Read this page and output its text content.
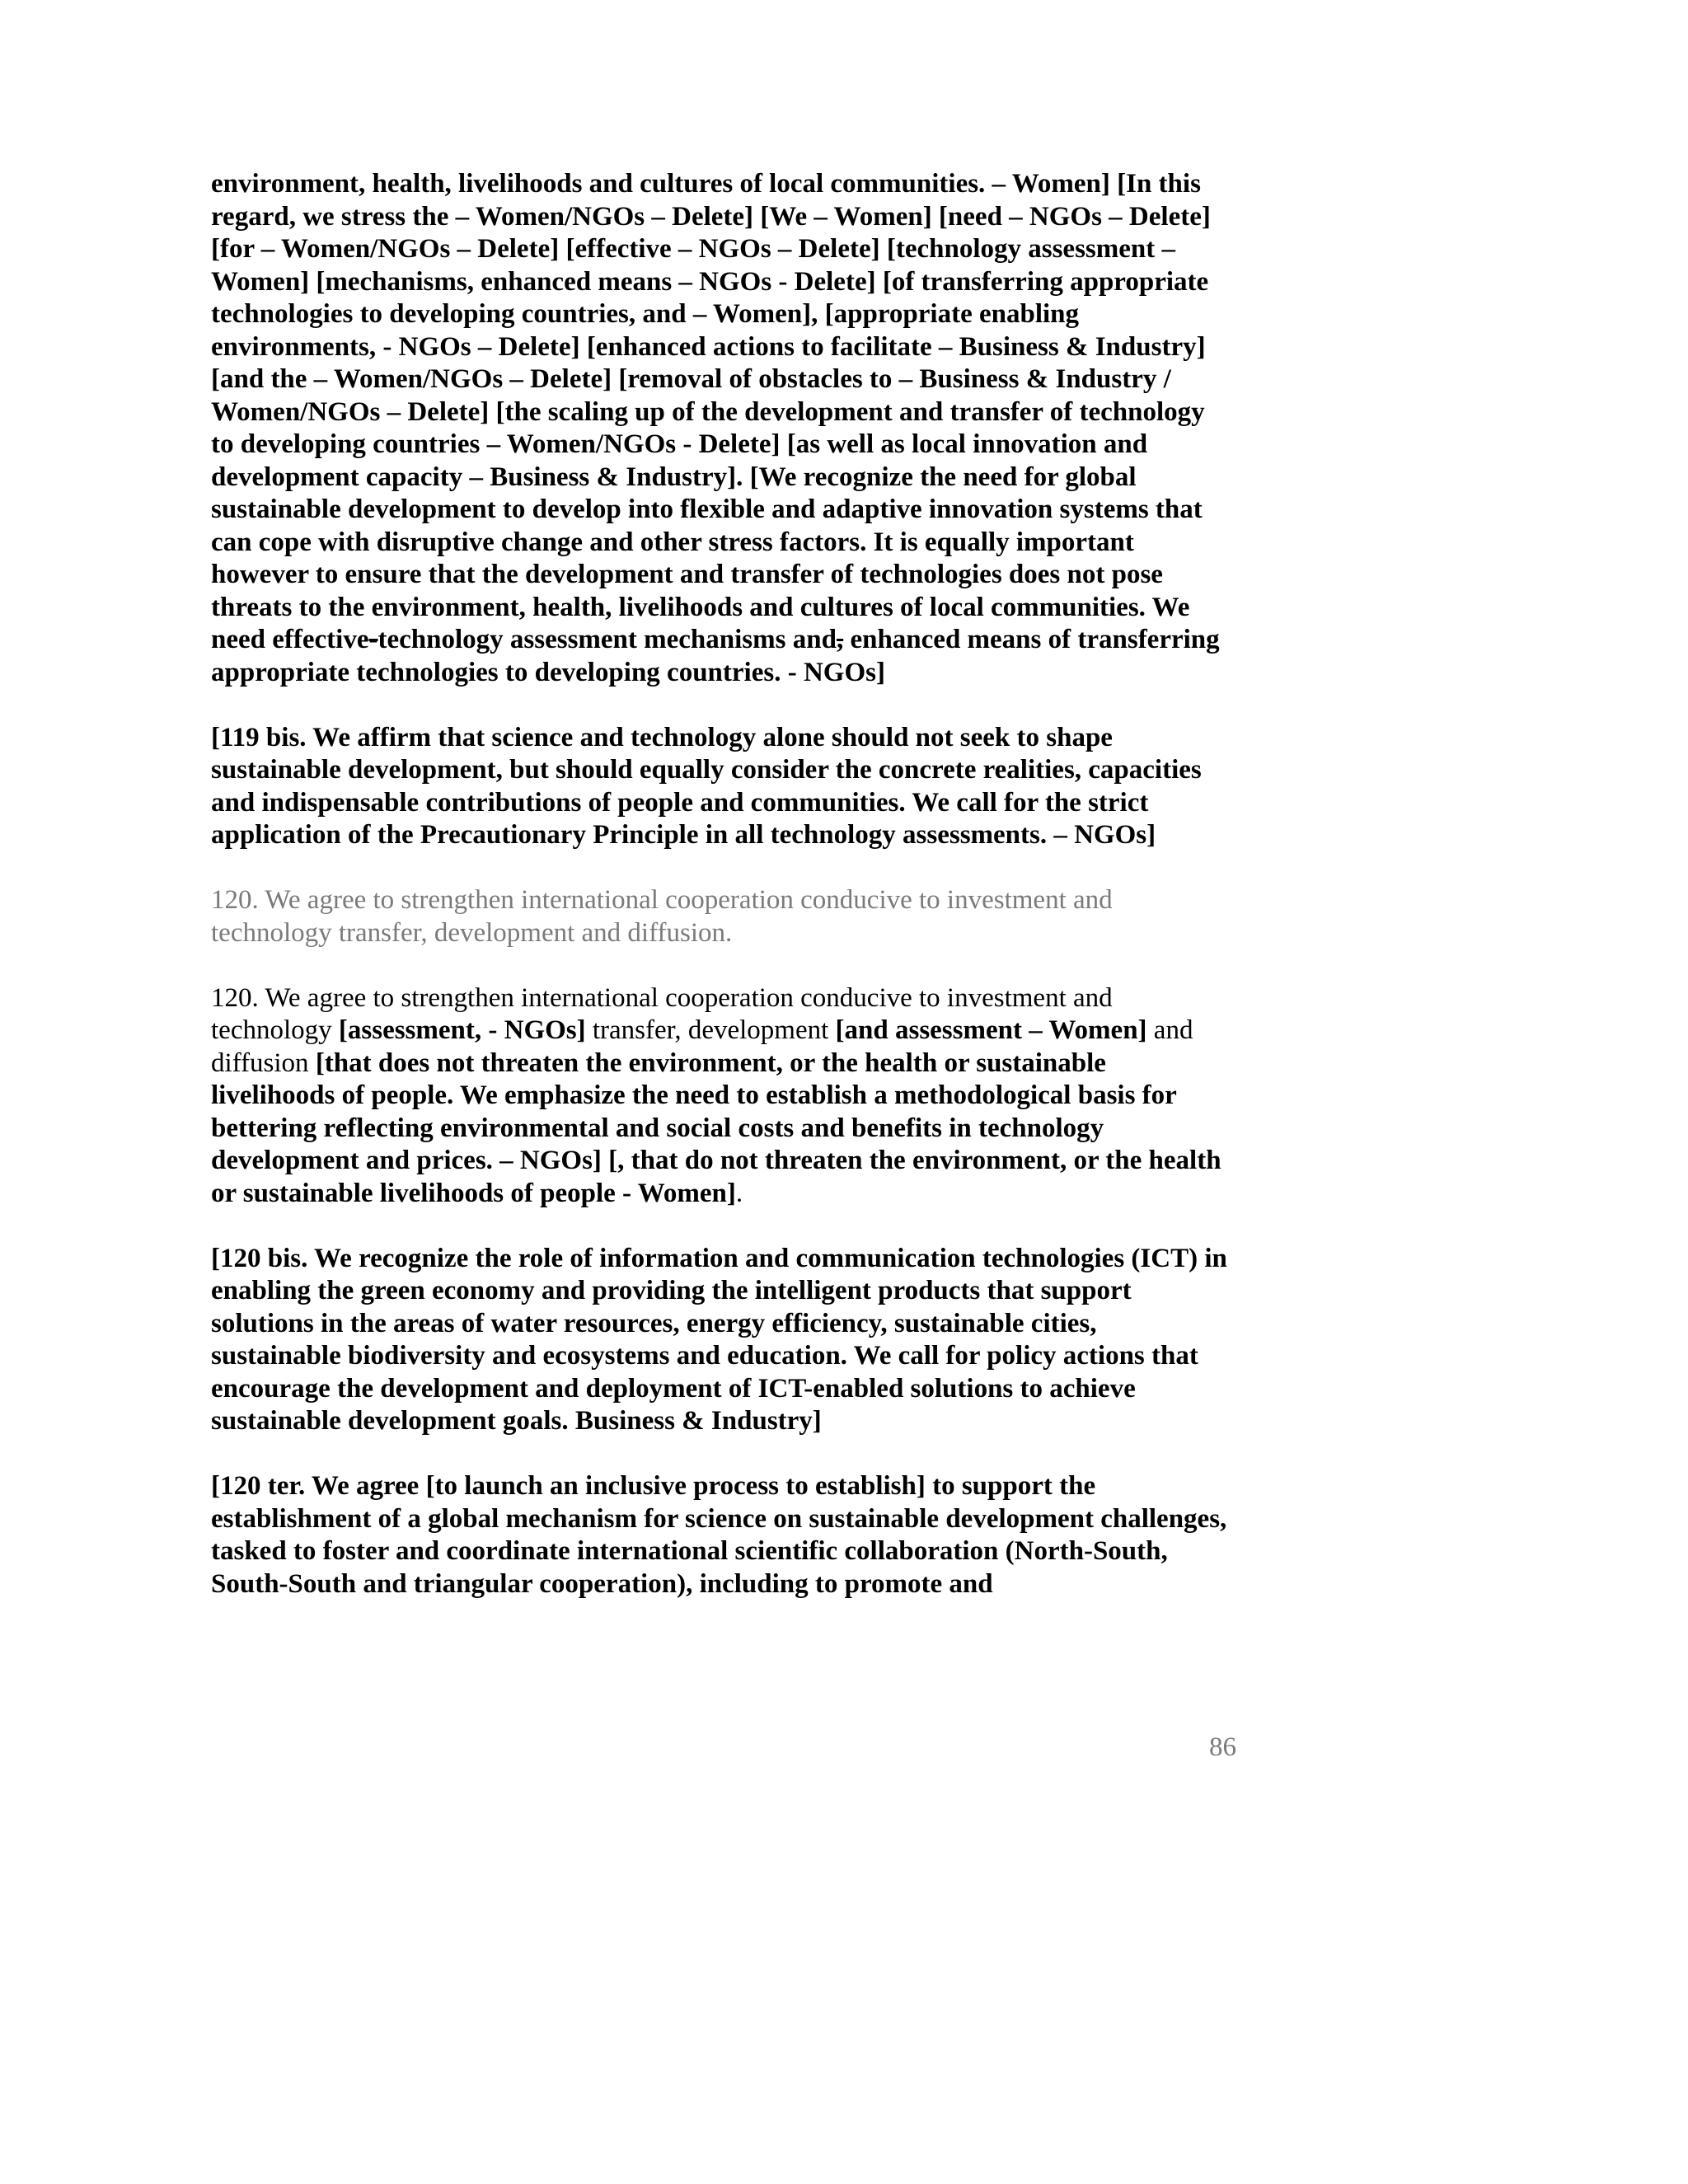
environment, health, livelihoods and cultures of local communities. – Women] [In this regard, we stress the – Women/NGOs – Delete] [We – Women] [need – NGOs – Delete] [for – Women/NGOs – Delete] [effective – NGOs – Delete] [technology assessment –Women] [mechanisms, enhanced means – NGOs - Delete] [of transferring appropriate technologies to developing countries, and – Women], [appropriate enabling environments, - NGOs – Delete] [enhanced actions to facilitate – Business & Industry] [and the – Women/NGOs – Delete] [removal of obstacles to – Business & Industry / Women/NGOs – Delete] [the scaling up of the development and transfer of technology to developing countries – Women/NGOs - Delete] [as well as local innovation and development capacity – Business & Industry]. [We recognize the need for global sustainable development to develop into flexible and adaptive innovation systems that can cope with disruptive change and other stress factors. It is equally important however to ensure that the development and transfer of technologies does not pose threats to the environment, health, livelihoods and cultures of local communities. We need effective-technology assessment mechanisms and, enhanced means of transferring appropriate technologies to developing countries. - NGOs]

[119 bis. We affirm that science and technology alone should not seek to shape sustainable development, but should equally consider the concrete realities, capacities and indispensable contributions of people and communities. We call for the strict application of the Precautionary Principle in all technology assessments. – NGOs]

120. We agree to strengthen international cooperation conducive to investment and technology transfer, development and diffusion.

120. We agree to strengthen international cooperation conducive to investment and technology [assessment, - NGOs] transfer, development [and assessment – Women] and diffusion [that does not threaten the environment, or the health or sustainable livelihoods of people. We emphasize the need to establish a methodological basis for bettering reflecting environmental and social costs and benefits in technology development and prices. – NGOs] [, that do not threaten the environment, or the health or sustainable livelihoods of people - Women].

[120 bis. We recognize the role of information and communication technologies (ICT) in enabling the green economy and providing the intelligent products that support solutions in the areas of water resources, energy efficiency, sustainable cities, sustainable biodiversity and ecosystems and education. We call for policy actions that encourage the development and deployment of ICT-enabled solutions to achieve sustainable development goals. Business & Industry]

[120 ter. We agree [to launch an inclusive process to establish] to support the establishment of a global mechanism for science on sustainable development challenges, tasked to foster and coordinate international scientific collaboration (North-South, South-South and triangular cooperation), including to promote and

86
